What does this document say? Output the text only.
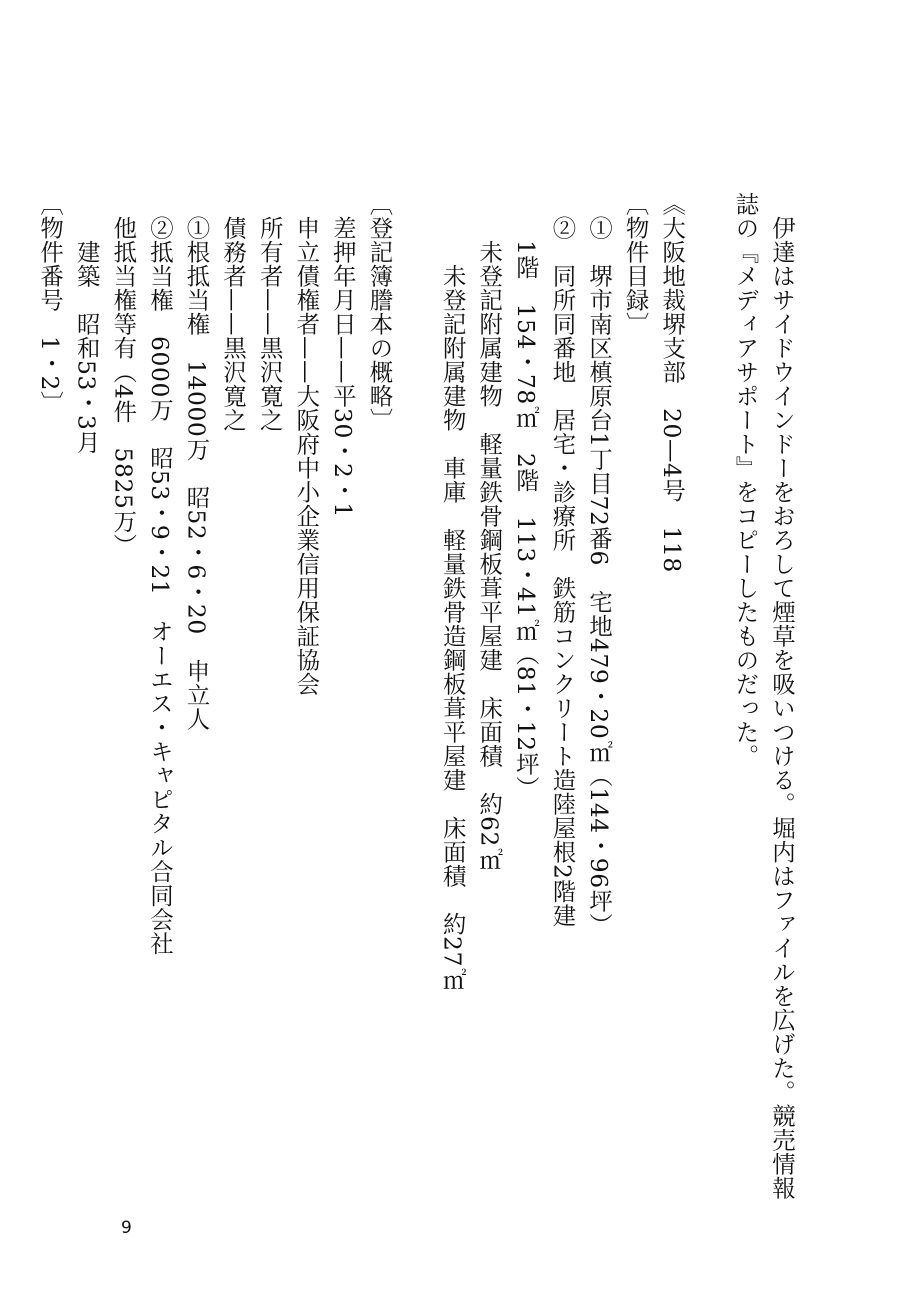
　伊達はサイドウインドーをおろして煙草を吸いつける。堀内はファイルを広げた。競売情報
誌の『メディアサポート』をコピーしたものだった。
《大阪地裁堺支部　20—4号　118
〔物件目録〕
　①　堺市南区槙原台1丁目72番6　宅地479・20㎡（144・96坪）
　②　同所同番地　居宅・診療所　鉄筋コンクリート造陸屋根2階建
　　1階　154・78㎡　2階　113・41㎡（81・12坪）
　　未登記附属建物　軽量鉄骨鋼板葺平屋建　床面積　約62㎡
　　　未登記附属建物　車庫　軽量鉄骨造鋼板葺平屋建　床面積　約27㎡
〔登記簿謄本の概略〕
　差押年月日——平30・2・1
　申立債権者——大阪府中小企業信用保証協会
　所有者——黒沢寛之
　債務者——黒沢寛之
　①根抵当権　14000万　昭52・6・20　申立人
　②抵当権　6000万　昭53・9・21　オーエス・キャピタル合同会社
　他抵当権等有（4件　5825万）
　　建築　昭和53・3月
〔物件番号　1・2〕
9
